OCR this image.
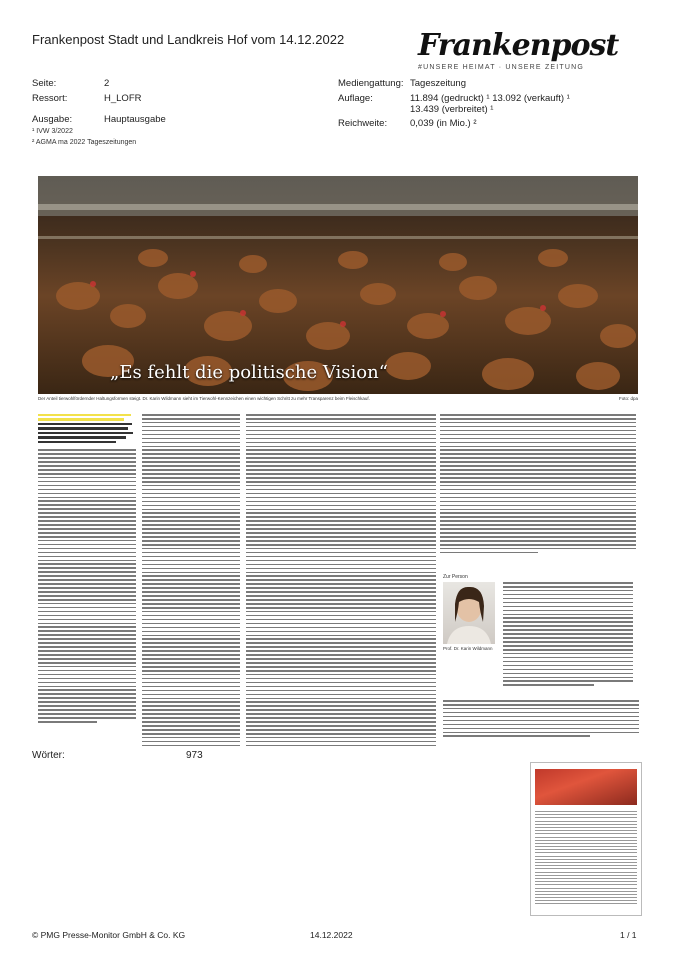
Frankenpost Stadt und Landkreis Hof vom 14.12.2022 Frankenpost
#UNSERE HEIMAT · UNSERE ZEITUNG
Seite:	2
Ressort:	H_LOFR
Ausgabe:	Hauptausgabe
¹ IVW 3/2022
² AGMA ma 2022 Tageszeitungen
Mediengattung: Tageszeitung
Auflage:	11.894 (gedruckt) ¹ 13.092 (verkauft) ¹
13.439 (verbreitet) ¹
Reichweite: 0,039 (in Mio.) ²
„Es fehlt die politische Vision“
Der Anteil tierwohlfördernder Haltungsformen steigt. Dr. Karin Wildmann sieht im Tierwohl-Kennzeichen einen wichtigen Schritt zu mehr Transparenz beim Fleischkauf.	Foto: dpa
Zur Person
Prof. Dr. Karin Wildmann
Wörter:	973
© PMG Presse-Monitor GmbH & Co. KG	14.12.2022	1 / 1
